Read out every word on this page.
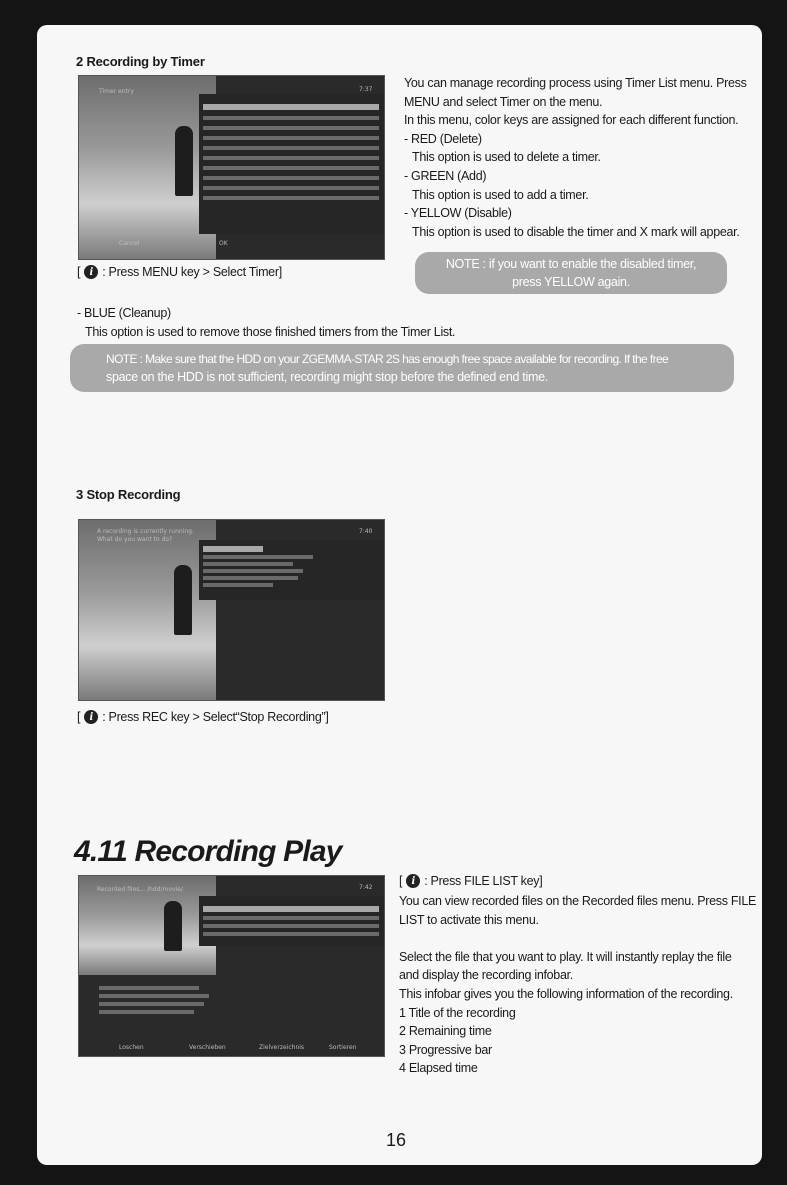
2 Recording by Timer
Timer entry	7:37
Cancel	OK
[ i : Press MENU key > Select Timer]
You can manage recording process using Timer List menu. Press
MENU and select Timer on the menu.
In this menu, color keys are assigned for each different function.
- RED (Delete)
This option is used to delete a timer.
- GREEN (Add)
This option is used to add a timer.
- YELLOW (Disable)
This option is used to disable the timer and X mark will appear.
NOTE : if you want to enable the disabled timer,
press YELLOW again.
- BLUE (Cleanup)
This option is used to remove those finished timers from the Timer List.
NOTE : Make sure that the HDD on your ZGEMMA-STAR 2S has enough free space available for recording. If the free
space on the HDD is not sufficient, recording might stop before the defined end time.
3 Stop Recording
A recording is currently running.
What do you want to do?
7:40
[ i : Press REC key > Select“Stop Recording”]
4.11 Recording Play
Recorded files... /hdd/movie/	7:42
Loschen	Verschieben	Zielverzeichnis	Sortieren
[ i : Press FILE LIST key]
You can view recorded files on the Recorded files menu. Press FILE
LIST to activate this menu.
Select the file that you want to play. It will instantly replay the file
and display the recording infobar.
This infobar gives you the following information of the recording.
1 Title of the recording
2 Remaining time
3 Progressive bar
4 Elapsed time
16
